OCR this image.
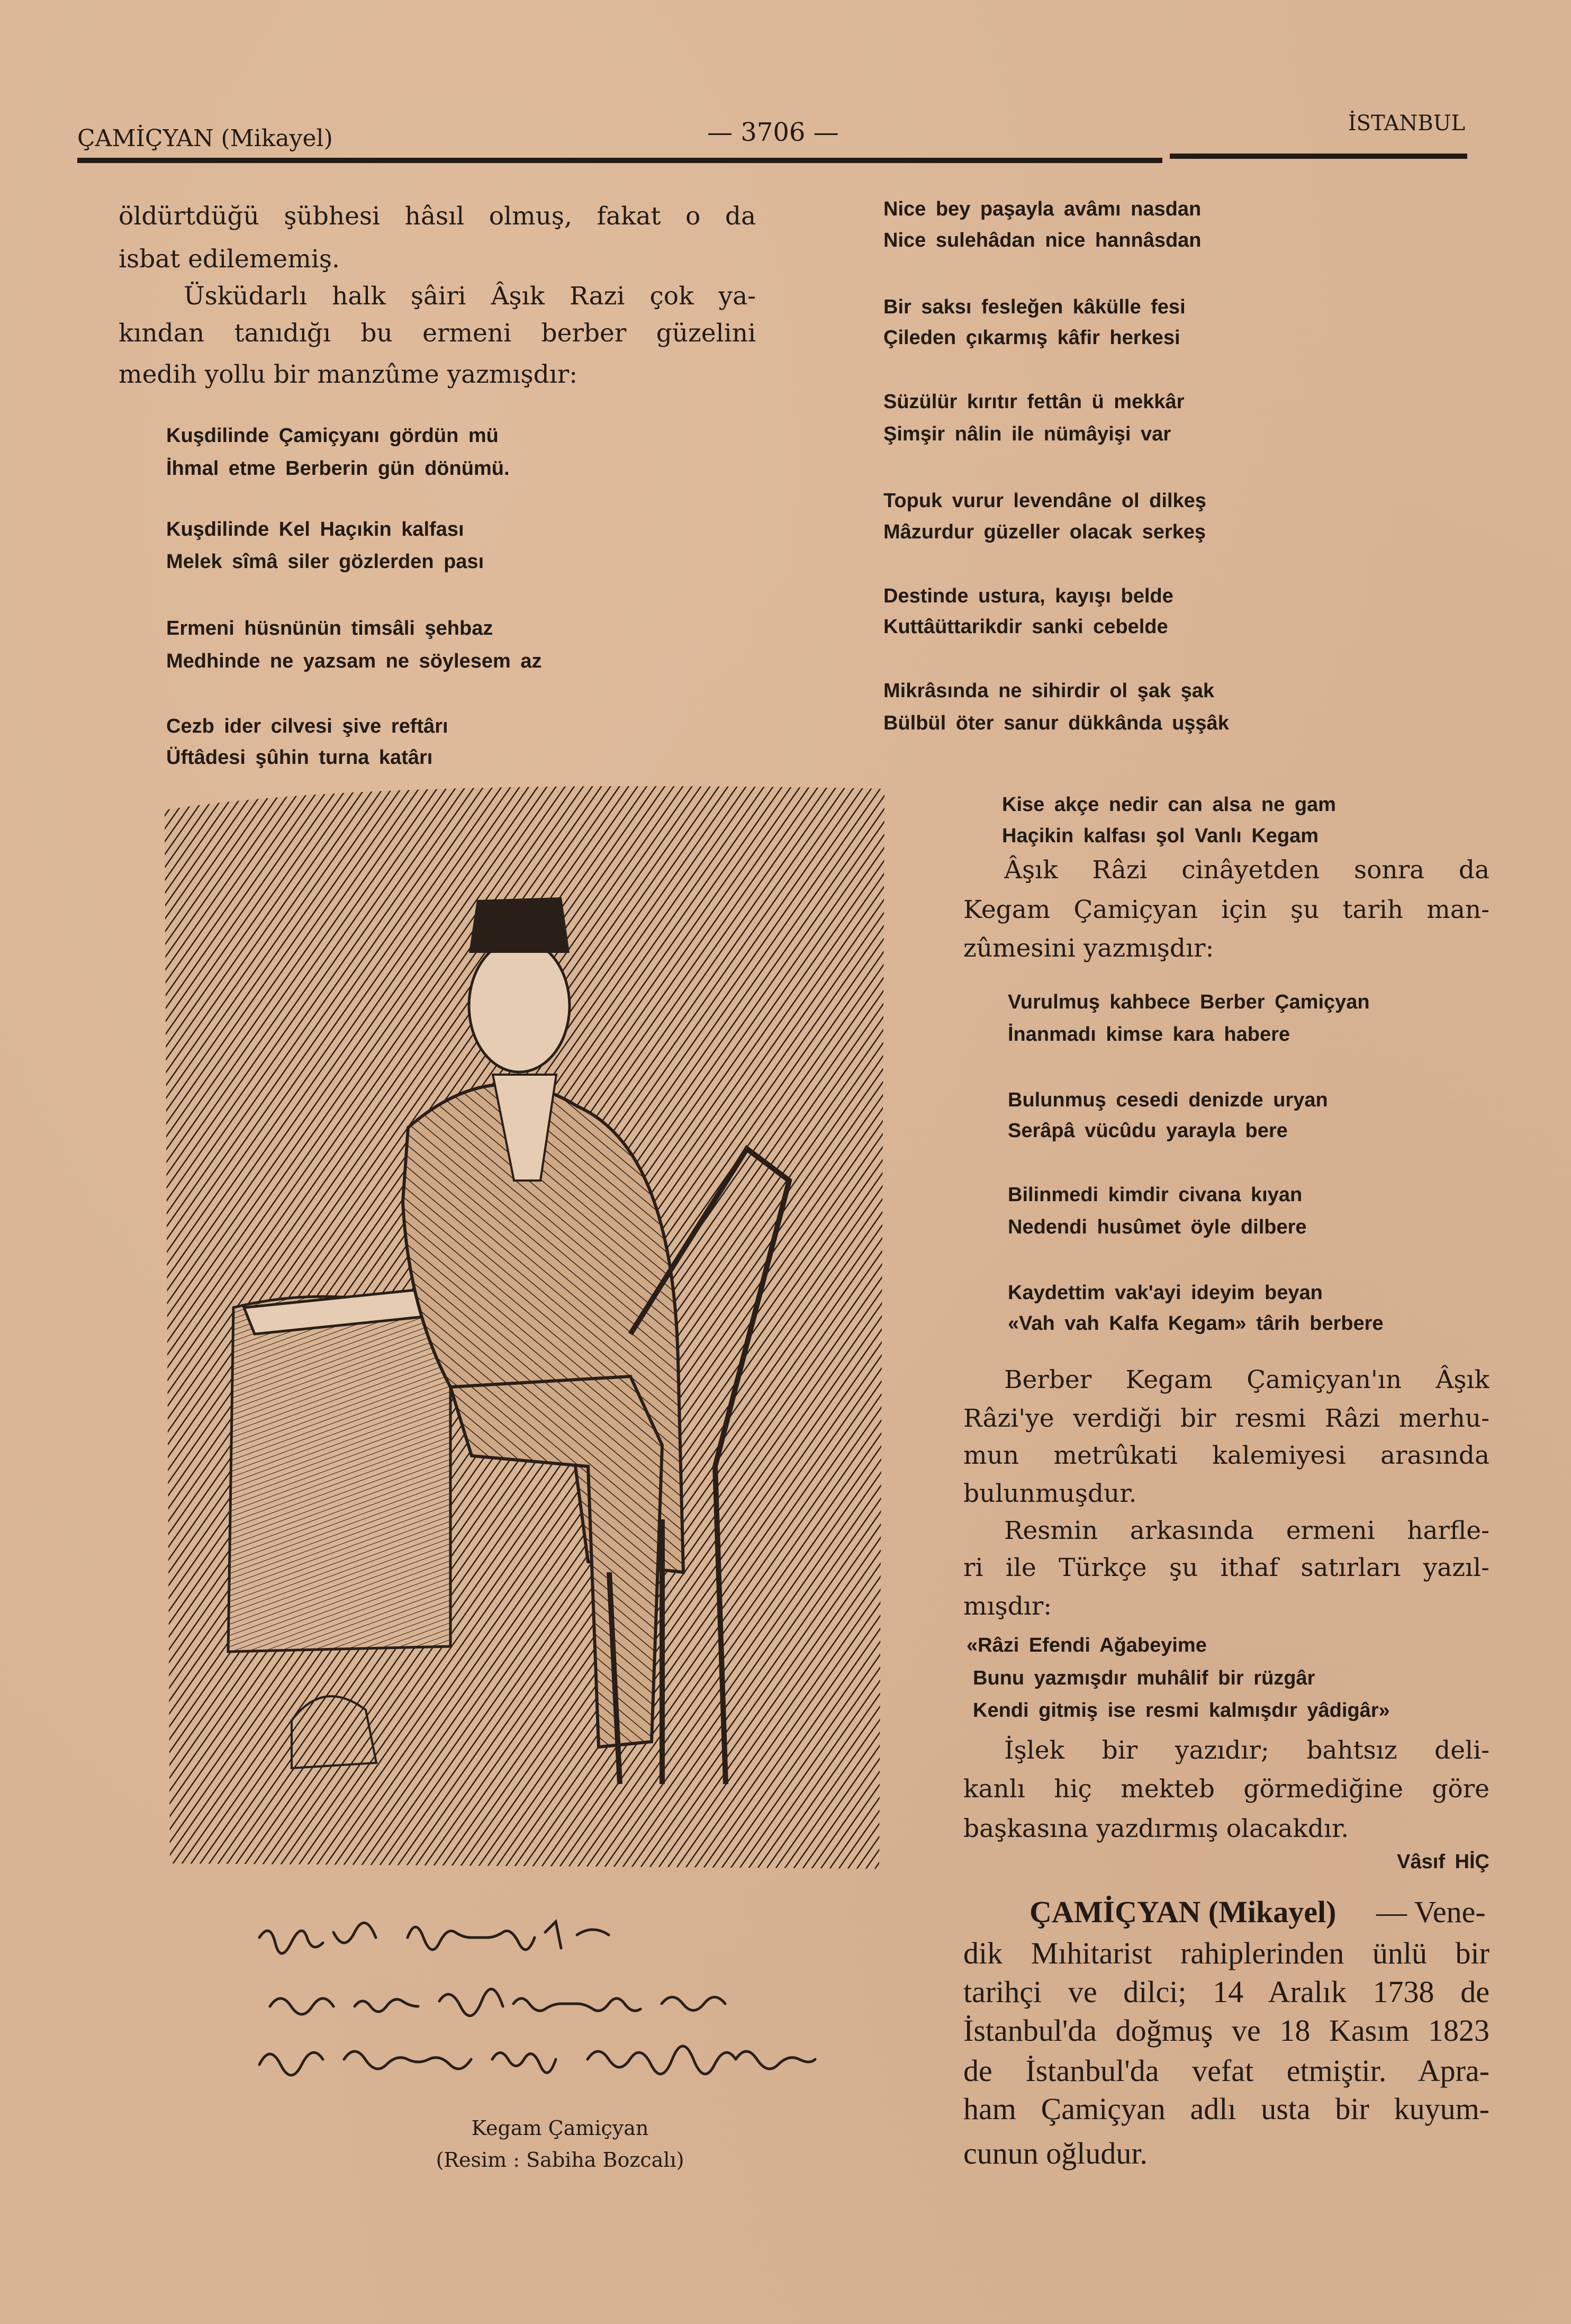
ÇAMİÇYAN (Mikayel)	— 3706 —	İSTANBUL
öldürtdüğü şübhesi hâsıl olmuş, fakat o da
isbat edilememiş.
Üsküdarlı halk şâiri Âşık Razi çok ya-
kından tanıdığı bu ermeni berber güzelini
medih yollu bir manzûme yazmışdır:
Kuşdilinde Çamiçyanı gördün mü
İhmal etme Berberin gün dönümü.
Kuşdilinde Kel Haçıkin kalfası
Melek sîmâ siler gözlerden pası
Ermeni hüsnünün timsâli şehbaz
Medhinde ne yazsam ne söylesem az
Cezb ider cilvesi şive reftârı
Üftâdesi şûhin turna katârı
Kegam Çamiçyan
(Resim : Sabiha Bozcalı)
Nice bey paşayla avâmı nasdan
Nice sulehâdan nice hannâsdan
Bir saksı fesleğen kâkülle fesi
Çileden çıkarmış kâfir herkesi
Süzülür kırıtır fettân ü mekkâr
Şimşir nâlin ile nümâyişi var
Topuk vurur levendâne ol dilkeş
Mâzurdur güzeller olacak serkeş
Destinde ustura, kayışı belde
Kuttâüttarikdir sanki cebelde
Mikrâsında ne sihirdir ol şak şak
Bülbül öter sanur dükkânda uşşâk
Kise akçe nedir can alsa ne gam
Haçikin kalfası şol Vanlı Kegam
Âşık Râzi cinâyetden sonra da
Kegam Çamiçyan için şu tarih man-
zûmesini yazmışdır:
Vurulmuş kahbece Berber Çamiçyan
İnanmadı kimse kara habere
Bulunmuş cesedi denizde uryan
Serâpâ vücûdu yarayla bere
Bilinmedi kimdir civana kıyan
Nedendi husûmet öyle dilbere
Kaydettim vak'ayi ideyim beyan
«Vah vah Kalfa Kegam» târih berbere
Berber Kegam Çamiçyan'ın Âşık
Râzi'ye verdiği bir resmi Râzi merhu-
mun metrûkati kalemiyesi arasında
bulunmuşdur.
Resmin arkasında ermeni harfle-
ri ile Türkçe şu ithaf satırları yazıl-
mışdır:
«Râzi Efendi Ağabeyime
Bunu yazmışdır muhâlif bir rüzgâr
Kendi gitmiş ise resmi kalmışdır yâdigâr»
İşlek bir yazıdır; bahtsız deli-
kanlı hiç mekteb görmediğine göre
başkasına yazdırmış olacakdır.
Vâsıf HİÇ
ÇAMİÇYAN (Mikayel) — Vene-
dik Mıhitarist rahiplerinden ünlü bir
tarihçi ve dilci; 14 Aralık 1738 de
İstanbul'da doğmuş ve 18 Kasım 1823
de İstanbul'da vefat etmiştir. Apra-
ham Çamiçyan adlı usta bir kuyum-
cunun oğludur.
